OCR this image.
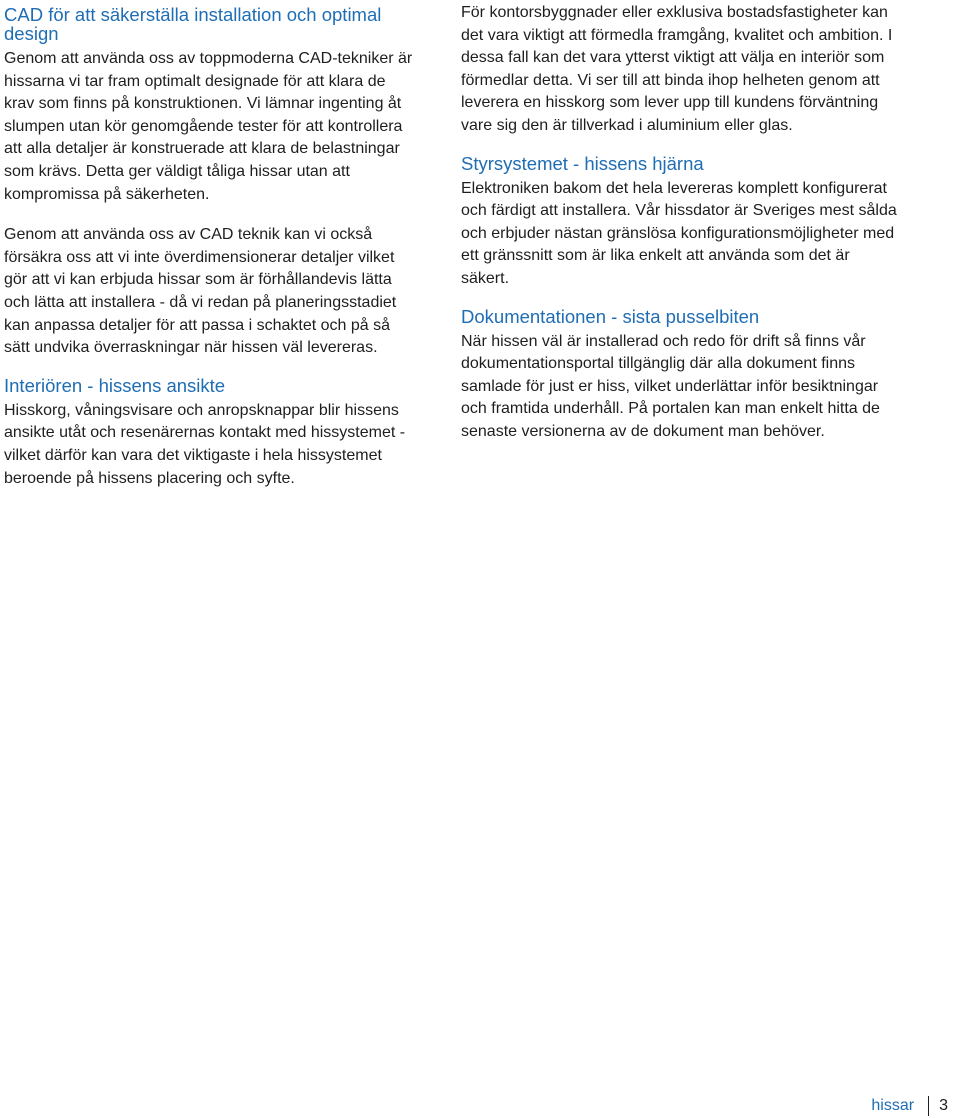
CAD för att säkerställa installation och optimal design

Genom att använda oss av toppmoderna CAD-tekniker är hissarna vi tar fram optimalt designade för att klara de krav som finns på konstruktionen. Vi lämnar ingenting åt slumpen utan kör genomgående tester för att kontrollera att alla detaljer är konstruerade att klara de belastningar som krävs. Detta ger väldigt tåliga hissar utan att kompromissa på säkerheten.

Genom att använda oss av CAD teknik kan vi också försäkra oss att vi inte överdimensionerar detaljer vilket gör att vi kan erbjuda hissar som är förhållandevis lätta och lätta att installera - då vi redan på planeringsstadiet kan anpassa detaljer för att passa i schaktet och på så sätt undvika överraskningar när hissen väl levereras.

Interiören - hissens ansikte

Hisskorg, våningsvisare och anropsknappar blir hissens ansikte utåt och resenärernas kontakt med hissystemet - vilket därför kan vara det viktigaste i hela hissystemet beroende på hissens placering och syfte.

För kontorsbyggnader eller exklusiva bostadsfastigheter kan det vara viktigt att förmedla framgång, kvalitet och ambition. I dessa fall kan det vara ytterst viktigt att välja en interiör som förmedlar detta. Vi ser till att binda ihop helheten genom att leverera en hisskorg som lever upp till kundens förväntning vare sig den är tillverkad i aluminium eller glas.

Styrsystemet - hissens hjärna

Elektroniken bakom det hela levereras komplett konfigurerat och färdigt att installera. Vår hissdator är Sveriges mest sålda och erbjuder nästan gränslösa konfigurationsmöjligheter med ett gränssnitt som är lika enkelt att använda som det är säkert.

Dokumentationen - sista pusselbiten

När hissen väl är installerad och redo för drift så finns vår dokumentationsportal tillgänglig där alla dokument finns samlade för just er hiss, vilket underlättar inför besiktningar och framtida underhåll. På portalen kan man enkelt hitta de senaste versionerna av de dokument man behöver.

hissar 3
